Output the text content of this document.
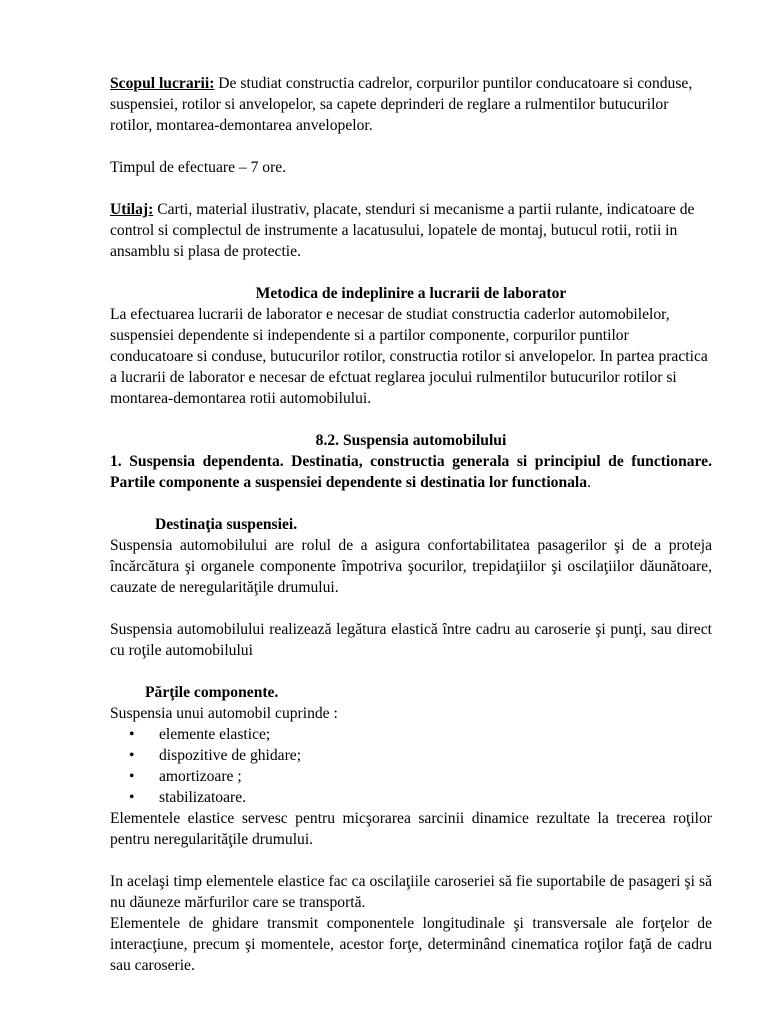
Scopul lucrarii: De studiat constructia cadrelor, corpurilor puntilor conducatoare si conduse, suspensiei, rotilor si anvelopelor, sa capete deprinderi de reglare a rulmentilor butucurilor rotilor, montarea-demontarea anvelopelor.

Timpul de efectuare – 7 ore.

Utilaj: Carti, material ilustrativ, placate, stenduri si mecanisme a partii rulante, indicatoare de control si complectul de instrumente a lacatusului, lopatele de montaj, butucul rotii, rotii in ansamblu si plasa de protectie.

Metodica de indeplinire a lucrarii de laborator

La efectuarea lucrarii de laborator e necesar de studiat constructia caderlor automobilelor, suspensiei dependente si independente si a partilor componente, corpurilor puntilor conducatoare si conduse, butucurilor rotilor, constructia rotilor si anvelopelor. In partea practica a lucrarii de laborator e necesar de efctuat reglarea jocului rulmentilor butucurilor rotilor si montarea-demontarea rotii automobilului.

8.2. Suspensia automobilului

1. Suspensia dependenta. Destinatia, constructia generala si principiul de functionare. Partile componente a suspensiei dependente si destinatia lor functionala.

Destinaţia suspensiei.

Suspensia automobilului are rolul de a asigura confortabilitatea pasagerilor şi de a proteja încărcătura şi organele componente împotriva şocurilor, trepidaţiilor şi oscilaţiilor dăunătoare, cauzate de neregularităţile drumului.

Suspensia automobilului realizează legătura elastică între cadru au caroserie şi punţi, sau direct cu roţile automobilului

Părţile componente.

Suspensia unui automobil cuprinde :

• elemente elastice;
• dispozitive de ghidare;
• amortizoare ;
• stabilizatoare.

Elementele elastice servesc pentru micşorarea sarcinii dinamice rezultate la trecerea roţilor pentru neregularităţile drumului.

In acelaşi timp elementele elastice fac ca oscilaţiile caroseriei să fie suportabile de pasageri şi să nu dăuneze mărfurilor care se transportă.

Elementele de ghidare transmit componentele longitudinale şi transversale ale forţelor de interacţiune, precum şi momentele, acestor forţe, determinând cinematica roţilor faţă de cadru sau caroserie.
